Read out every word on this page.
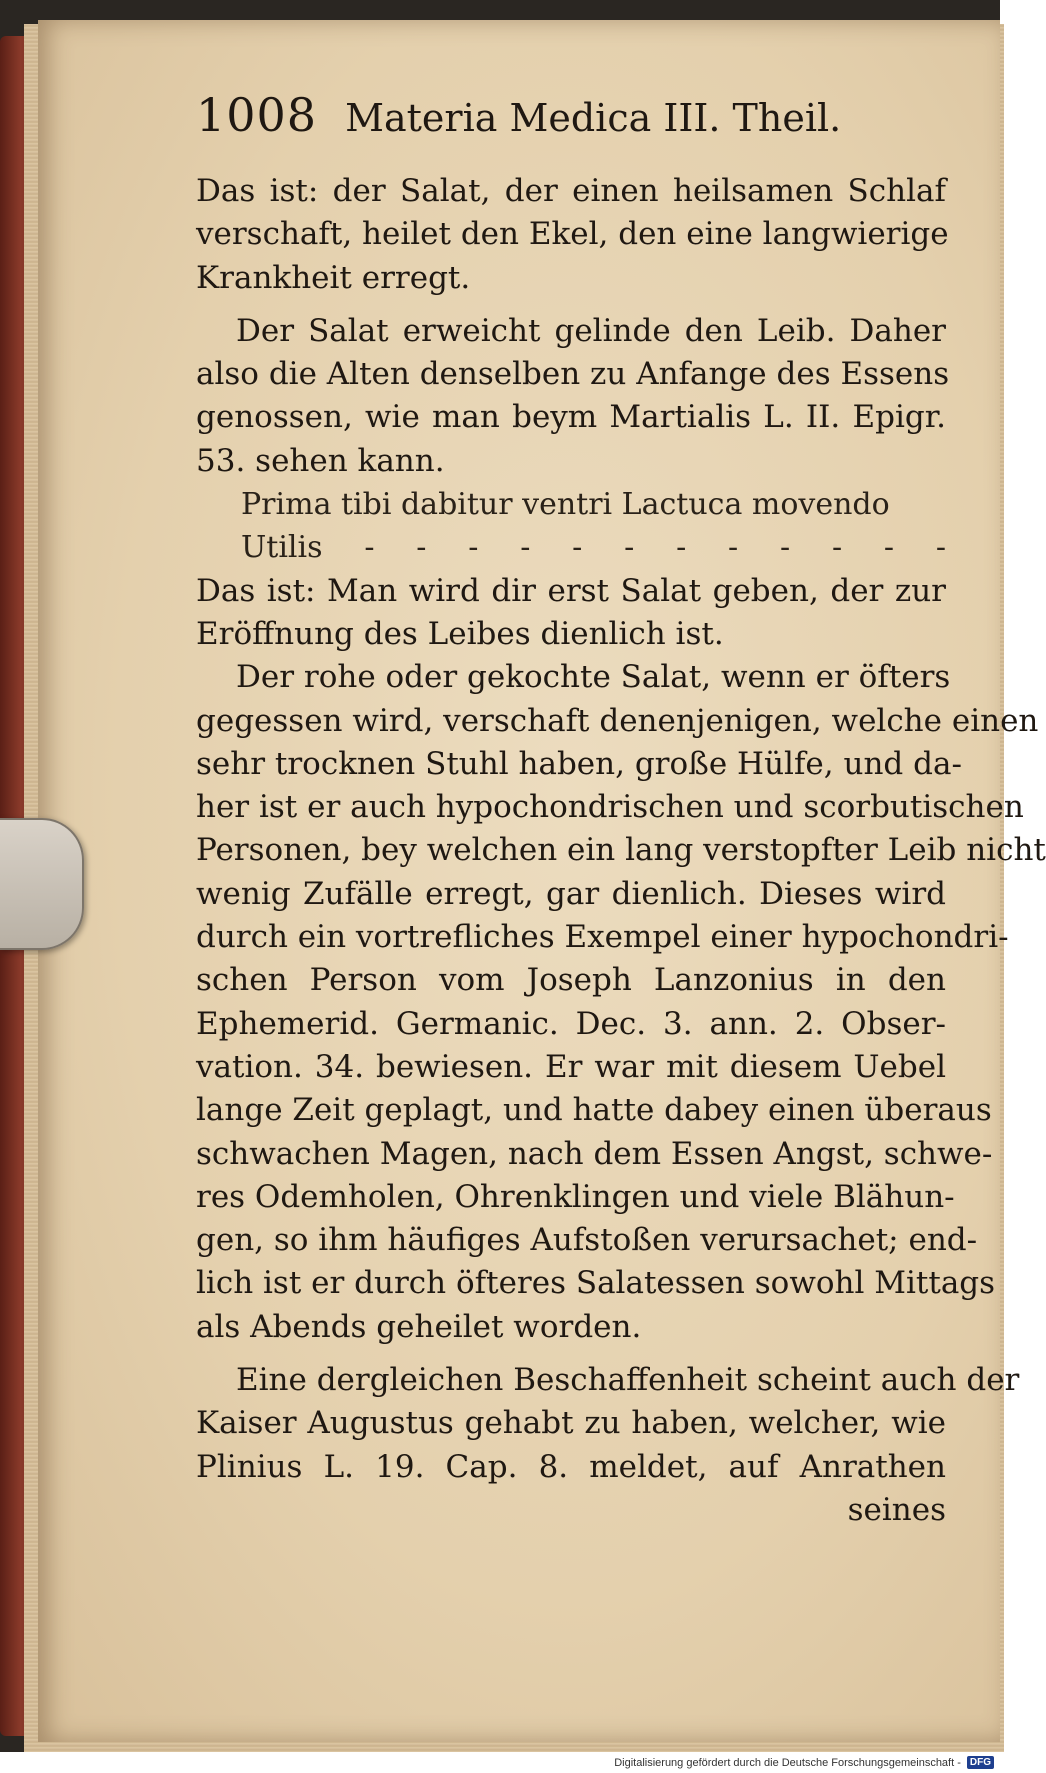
1008 Materia Medica III. Theil.
Das ist: der Salat, der einen heilsamen Schlaf
verschaft, heilet den Ekel, den eine langwierige
Krankheit erregt.
Der Salat erweicht gelinde den Leib. Daher
also die Alten denselben zu Anfange des Essens
genossen, wie man beym Martialis L. II. Epigr.
53. sehen kann.
Prima tibi dabitur ventri Lactuca movendo
Utilis - - - - - - - - - - - -
Das ist: Man wird dir erst Salat geben, der zur
Eröffnung des Leibes dienlich ist.
Der rohe oder gekochte Salat, wenn er öfters
gegessen wird, verschaft denenjenigen, welche einen
sehr trocknen Stuhl haben, große Hülfe, und da-
her ist er auch hypochondrischen und scorbutischen
Personen, bey welchen ein lang verstopfter Leib nicht
wenig Zufälle erregt, gar dienlich. Dieses wird
durch ein vortrefliches Exempel einer hypochondri-
schen Person vom Joseph Lanzonius in den
Ephemerid. Germanic. Dec. 3. ann. 2. Obser-
vation. 34. bewiesen. Er war mit diesem Uebel
lange Zeit geplagt, und hatte dabey einen überaus
schwachen Magen, nach dem Essen Angst, schwe-
res Odemholen, Ohrenklingen und viele Blähun-
gen, so ihm häufiges Aufstoßen verursachet; end-
lich ist er durch öfteres Salatessen sowohl Mittags
als Abends geheilet worden.
Eine dergleichen Beschaffenheit scheint auch der
Kaiser Augustus gehabt zu haben, welcher, wie
Plinius L. 19. Cap. 8. meldet, auf Anrathen
seines
Digitalisierung gefördert durch die Deutsche Forschungsgemeinschaft - DFG
